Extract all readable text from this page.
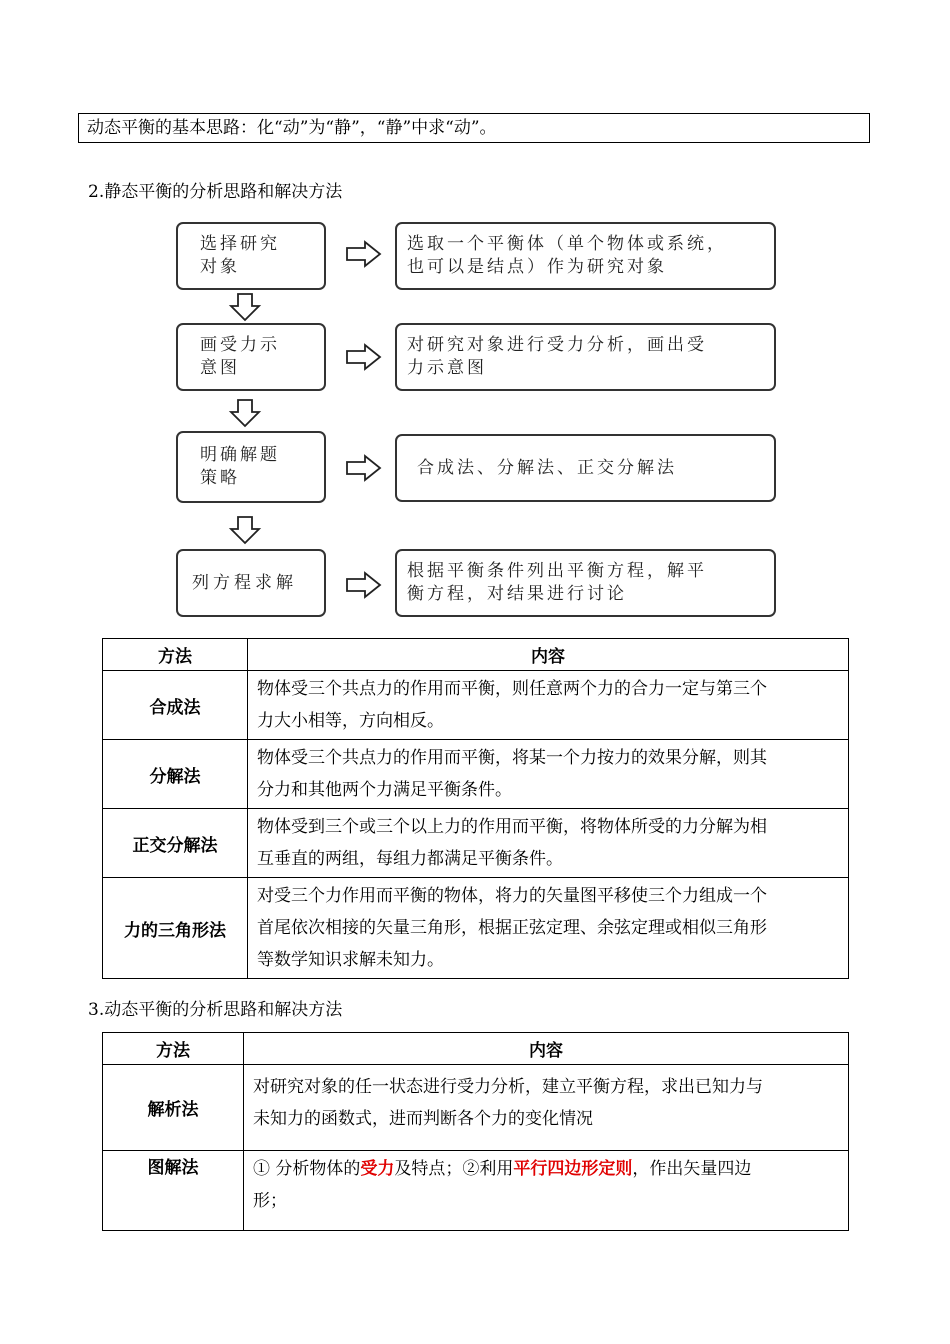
动态平衡的基本思路：化“动”为“静”，“静”中求“动”。
2.静态平衡的分析思路和解决方法
选择研究
对象
选取一个平衡体（单个物体或系统，
也可以是结点）作为研究对象
画受力示
意图
对研究对象进行受力分析，画出受
力示意图
明确解题
策略
合成法、分解法、正交分解法
列方程求解
根据平衡条件列出平衡方程，解平
衡方程，对结果进行讨论
方法	内容
合成法	物体受三个共点力的作用而平衡，则任意两个力的合力一定与第三个
力大小相等，方向相反。

分解法	物体受三个共点力的作用而平衡，将某一个力按力的效果分解，则其
分力和其他两个力满足平衡条件。

正交分解法	物体受到三个或三个以上力的作用而平衡，将物体所受的力分解为相
互垂直的两组，每组力都满足平衡条件。

力的三角形法	对受三个力作用而平衡的物体，将力的矢量图平移使三个力组成一个
首尾依次相接的矢量三角形，根据正弦定理、余弦定理或相似三角形
等数学知识求解未知力。
3.动态平衡的分析思路和解决方法
方法	内容
解析法	对研究对象的任一状态进行受力分析，建立平衡方程，求出已知力与
未知力的函数式，进而判断各个力的变化情况

图解法	① 分析物体的受力及特点；②利用平行四边形定则，作出矢量四边
形；
